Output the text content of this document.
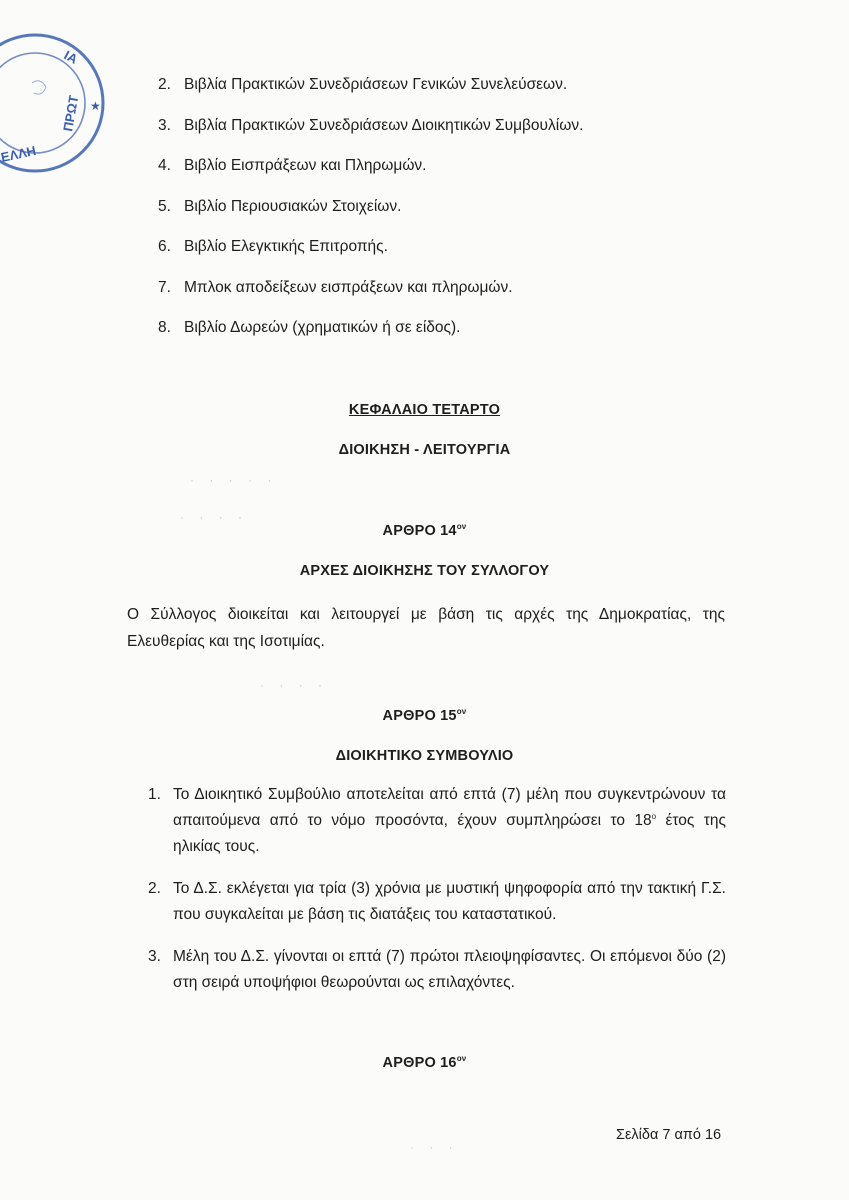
ΙΑ
ΠΡΩΤ
ΕΛΛΗ
★
· · · · ·
· · · ·
· · · ·
· · ·
2. Βιβλία Πρακτικών Συνεδριάσεων Γενικών Συνελεύσεων.
3. Βιβλία Πρακτικών Συνεδριάσεων Διοικητικών Συμβουλίων.
4. Βιβλίο Εισπράξεων και Πληρωμών.
5. Βιβλίο Περιουσιακών Στοιχείων.
6. Βιβλίο Ελεγκτικής Επιτροπής.
7. Μπλοκ αποδείξεων εισπράξεων και πληρωμών.
8. Βιβλίο Δωρεών (χρηματικών ή σε είδος).
ΚΕΦΑΛΑΙΟ ΤΕΤΑΡΤΟ
ΔΙΟΙΚΗΣΗ - ΛΕΙΤΟΥΡΓΙΑ
ΑΡΘΡΟ $14^{o\nu}$
ΑΡΧΕΣ ΔΙΟΙΚΗΣΗΣ ΤΟΥ ΣΥΛΛΟΓΟΥ
Ο Σύλλογος διοικείται και λειτουργεί με βάση τις αρχές της Δημοκρατίας, της Ελευθερίας και της Ισοτιμίας.
ΑΡΘΡΟ $15^{o\nu}$
ΔΙΟΙΚΗΤΙΚΟ ΣΥΜΒΟΥΛΙΟ
1. Το Διοικητικό Συμβούλιο αποτελείται από επτά (7) μέλη που συγκεντρώνουν τα απαιτούμενα από το νόμο προσόντα, έχουν συμπληρώσει το $18^o$ έτος της ηλικίας τους.
2. Το Δ.Σ. εκλέγεται για τρία (3) χρόνια με μυστική ψηφοφορία από την τακτική Γ.Σ. που συγκαλείται με βάση τις διατάξεις του καταστατικού.
3. Μέλη του Δ.Σ. γίνονται οι επτά (7) πρώτοι πλειοψηφίσαντες. Οι επόμενοι δύο (2) στη σειρά υποψήφιοι θεωρούνται ως επιλαχόντες.
ΑΡΘΡΟ $16^{o\nu}$
Σελίδα 7 από 16
